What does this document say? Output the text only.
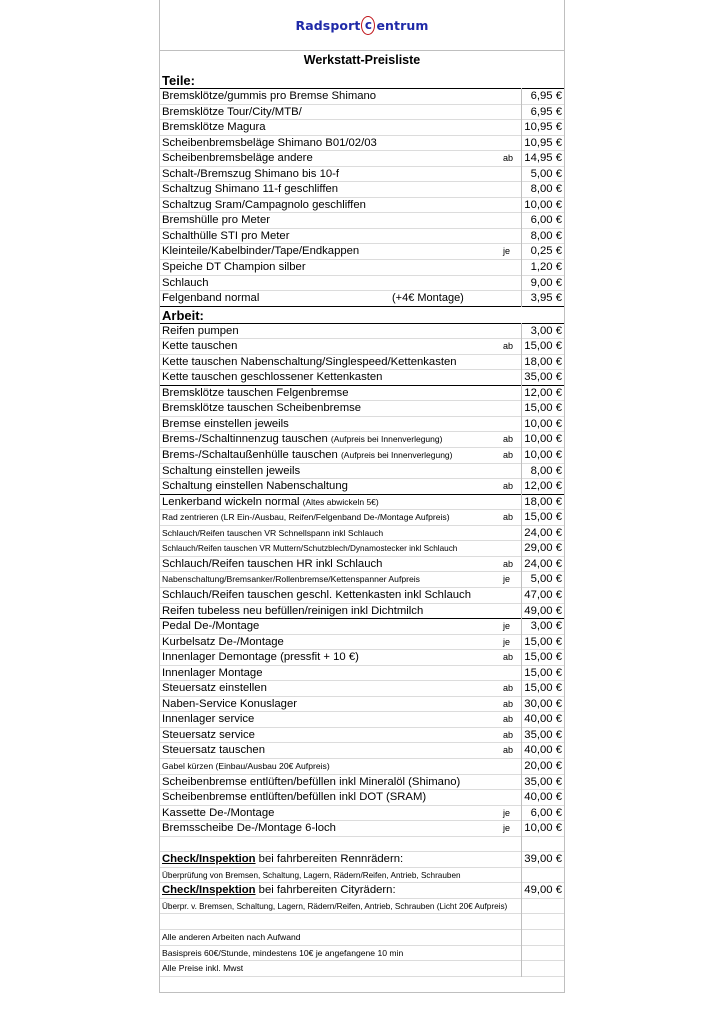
Radsport c entrum
Werkstatt-Preisliste
Teile:
Bremsklötze/gummis pro Bremse Shimano	6,95 €
Bremsklötze Tour/City/MTB/	6,95 €
Bremsklötze Magura	10,95 €
Scheibenbremsbeläge Shimano B01/02/03	10,95 €
Scheibenbremsbeläge andere	ab 14,95 €
Schalt-/Bremszug Shimano bis 10-f	5,00 €
Schaltzug Shimano 11-f geschliffen	8,00 €
Schaltzug Sram/Campagnolo geschliffen	10,00 €
Bremshülle pro Meter	6,00 €
Schalthülle STI pro Meter	8,00 €
Kleinteile/Kabelbinder/Tape/Endkappen	je	0,25 €
Speiche DT Champion silber	1,20 €
Schlauch	9,00 €
Felgenband normal	(+4€ Montage)	3,95 €
Arbeit:
Reifen pumpen	3,00 €
Kette tauschen	ab 15,00 €
Kette tauschen Nabenschaltung/Singlespeed/Kettenkasten	18,00 €
Kette tauschen geschlossener Kettenkasten	35,00 €
Bremsklötze tauschen Felgenbremse	12,00 €
Bremsklötze tauschen Scheibenbremse	15,00 €
Bremse einstellen jeweils	10,00 €
Brems-/Schaltinnenzug tauschen (Aufpreis bei Innenverlegung)	ab 10,00 €
Brems-/Schaltaußenhülle tauschen (Aufpreis bei Innenverlegung)	ab 10,00 €
Schaltung einstellen jeweils	8,00 €
Schaltung einstellen Nabenschaltung	ab 12,00 €
Lenkerband wickeln normal (Altes abwickeln 5€)	18,00 €
Rad zentrieren (LR Ein-/Ausbau, Reifen/Felgenband De-/Montage Aufpreis)	ab 15,00 €
Schlauch/Reifen tauschen VR Schnellspann inkl Schlauch	24,00 €
Schlauch/Reifen tauschen VR Muttern/Schutzblech/Dynamostecker inkl Schlauch	29,00 €
Schlauch/Reifen tauschen HR inkl Schlauch	ab 24,00 €
Nabenschaltung/Bremsanker/Rollenbremse/Kettenspanner Aufpreis	je	5,00 €
Schlauch/Reifen tauschen geschl. Kettenkasten inkl Schlauch	47,00 €
Reifen tubeless neu befüllen/reinigen inkl Dichtmilch	49,00 €
Pedal De-/Montage	je	3,00 €
Kurbelsatz De-/Montage	je	15,00 €
Innenlager Demontage (pressfit + 10 €)	ab 15,00 €
Innenlager Montage	15,00 €
Steuersatz einstellen	ab 15,00 €
Naben-Service Konuslager	ab 30,00 €
Innenlager service	ab 40,00 €
Steuersatz service	ab 35,00 €
Steuersatz tauschen	ab 40,00 €
Gabel kürzen (Einbau/Ausbau 20€ Aufpreis)	20,00 €
Scheibenbremse entlüften/befüllen inkl Mineralöl (Shimano)	35,00 €
Scheibenbremse entlüften/befüllen inkl DOT (SRAM)	40,00 €
Kassette De-/Montage	je	6,00 €
Bremsscheibe De-/Montage 6-loch	je	10,00 €
Check/Inspektion bei fahrbereiten Rennrädern:	39,00 €
Überprüfung von Bremsen, Schaltung, Lagern, Rädern/Reifen, Antrieb, Schrauben
Check/Inspektion bei fahrbereiten Cityrädern:	49,00 €
Überpr. v. Bremsen, Schaltung, Lagern, Rädern/Reifen, Antrieb, Schrauben (Licht 20€ Aufpreis)
Alle anderen Arbeiten nach Aufwand
Basispreis 60€/Stunde, mindestens 10€ je angefangene 10 min
Alle Preise inkl. Mwst
